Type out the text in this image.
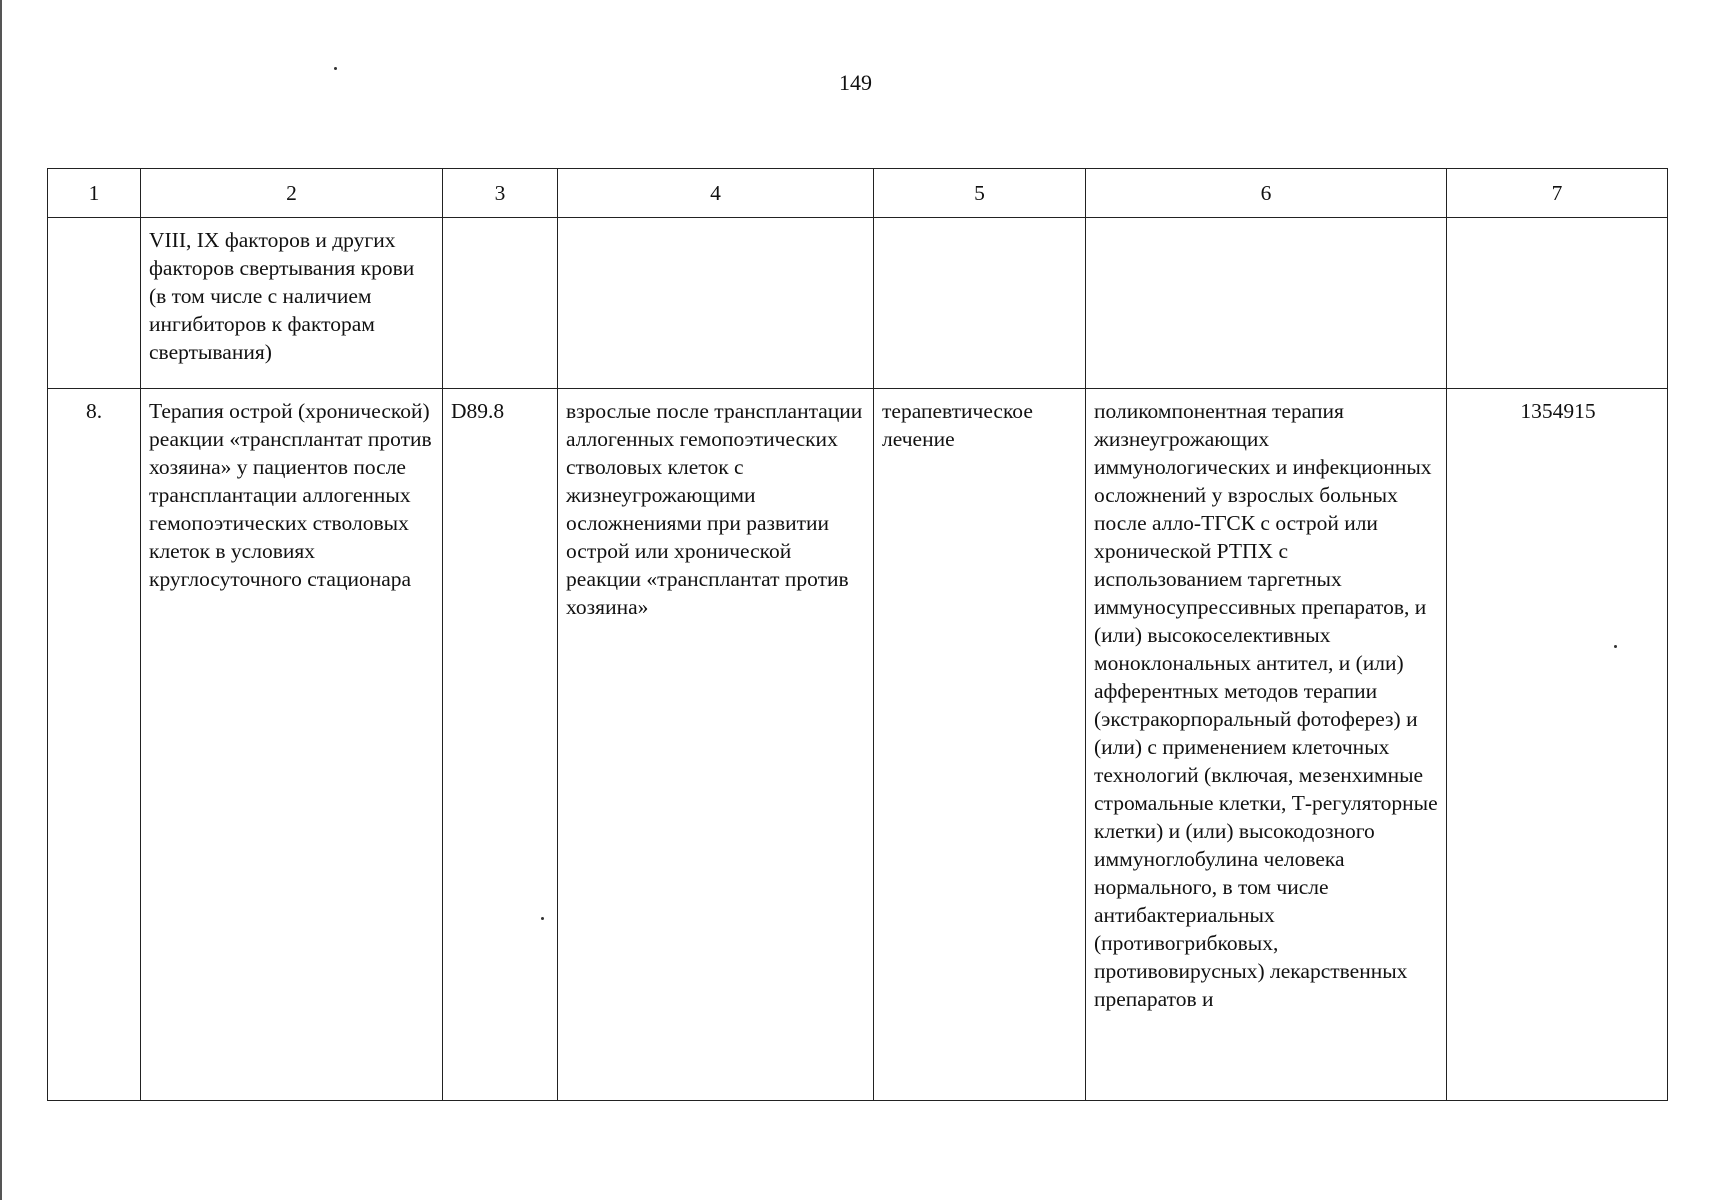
149
1	2	3	4	5	6	7
	VIII, IX факторов и других факторов свертывания крови (в том числе с наличием ингибиторов к факторам свертывания)					
8.	Терапия острой (хронической) реакции «трансплантат против хозяина» у пациентов после трансплантации аллогенных гемопоэтических стволовых клеток в условиях круглосуточного стационара	D89.8	взрослые после трансплантации аллогенных гемопоэтических стволовых клеток с жизнеугрожающими осложнениями при развитии острой или хронической реакции «трансплантат против хозяина»	терапевтическое лечение	поликомпонентная терапия жизнеугрожающих иммунологических и инфекционных осложнений у взрослых больных после алло-ТГСК с острой или хронической РТПХ с использованием таргетных иммуносупрессивных препаратов, и (или) высокоселективных моноклональных антител, и (или) афферентных методов терапии (экстракорпоральный фотоферез) и (или) с применением клеточных технологий (включая, мезенхимные стромальные клетки, Т-регуляторные клетки) и (или) высокодозного иммуноглобулина человека нормального, в том числе антибактериальных (противогрибковых, противовирусных) лекарственных препаратов и	1354915
